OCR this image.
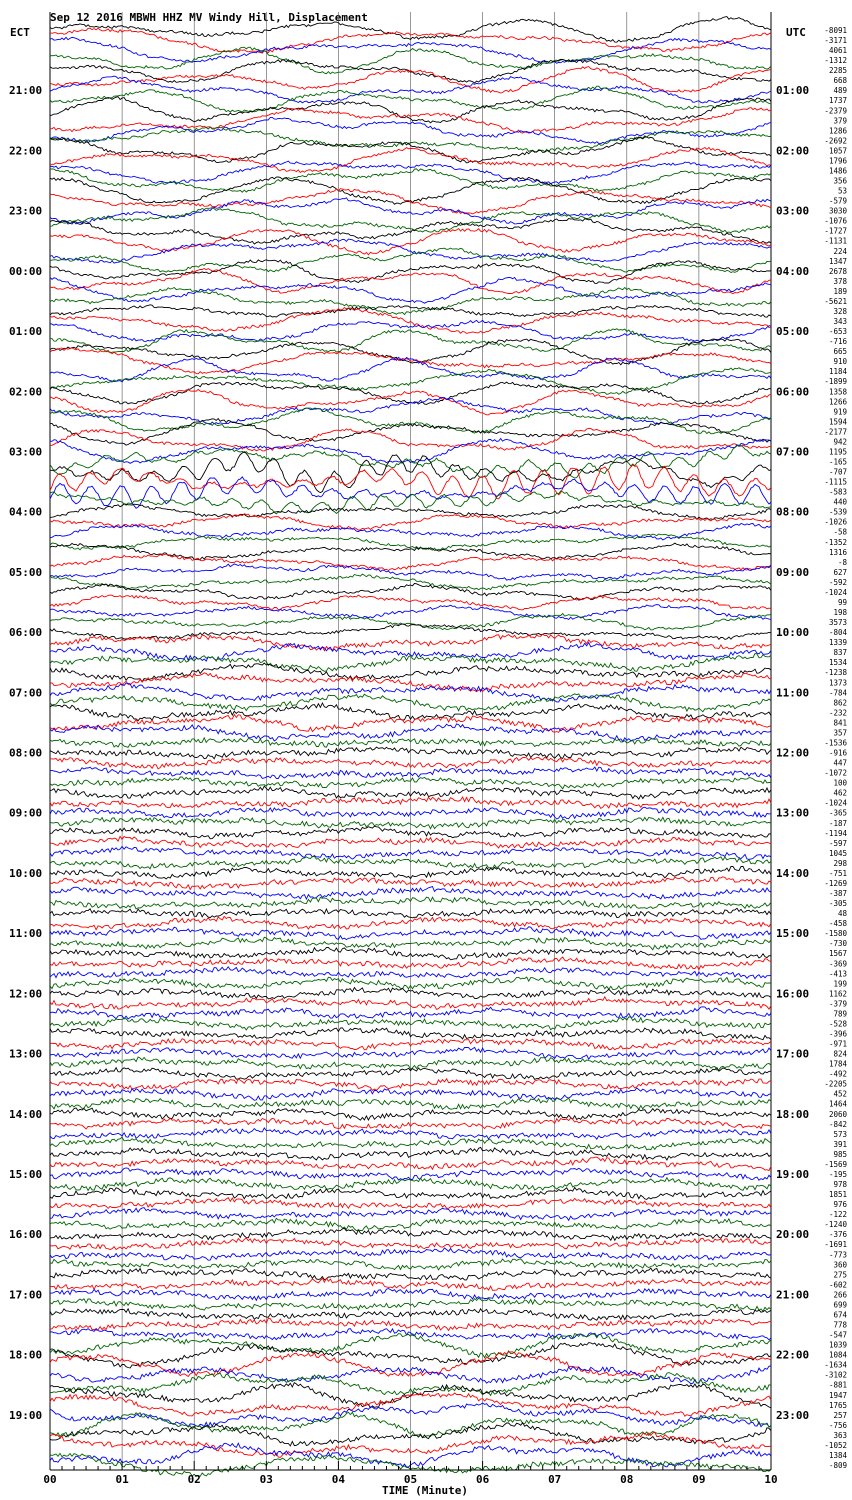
Sep 12 2016 MBWH HHZ MV Windy Hill, Displacement
ECT	UTC
21:00
22:00
23:00
00:00
01:00
02:00
03:00
04:00
05:00
06:00
07:00
08:00
09:00
10:00
11:00
12:00
13:00
14:00
15:00
16:00
17:00
18:00
19:00
01:00
02:00
03:00
04:00
05:00
06:00
07:00
08:00
09:00
10:00
11:00
12:00
13:00
14:00
15:00
16:00
17:00
18:00
19:00
20:00
21:00
22:00
23:00
-8091
-3171
4061
-1312
2285
668
489
1737
-2379
379
1286
-2692
1057
1796
1486
356
53
-579
3030
-1076
-1727
-1131
224
1347
2678
378
189
-5621
328
343
-653
-716
665
910
1184
-1899
1358
1266
919
1594
-2177
942
1195
-165
-707
-1115
-583
440
-539
-1026
-58
-1352
1316
-8
627
-592
-1024
99
198
3573
-804
1339
837
1534
-1238
1373
-784
862
-232
841
357
-1536
-916
447
-1072
100
462
-1024
-365
-187
-1194
-597
1045
298
-751
-1269
-387
-305
48
-458
-1580
-730
1567
-369
-413
199
1162
-379
789
-528
-396
-971
824
1784
-492
-2205
452
1464
2060
-842
573
391
985
-1569
-195
978
1851
976
-122
-1240
-376
-1691
-773
360
275
-602
266
699
674
778
-547
1039
1084
-1634
-3102
-881
1947
1765
257
-756
363
-1052
1384
-809
00	01	02	03	04	05	06	07	08	09	10
TIME (Minute)
